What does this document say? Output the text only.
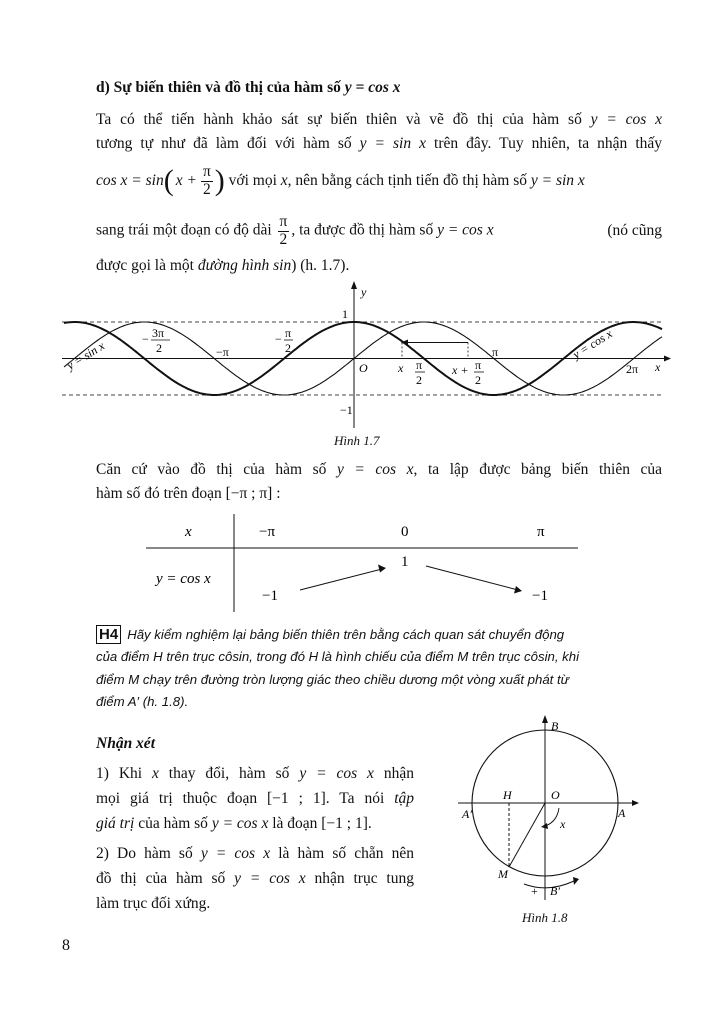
d) Sự biến thiên và đồ thị của hàm số y = cos x
Ta có thể tiến hành khảo sát sự biến thiên và vẽ đồ thị của hàm số y = cos x
tương tự như đã làm đối với hàm số y = sin x trên đây. Tuy nhiên, ta nhận thấy
cos x = sin ( $x + \frac{\pi}{2}$ ) với mọi x , nên bằng cách tịnh tiến đồ thị hàm số y = sin x
sang trái một đoạn có độ dài $\frac{\pi}{2}$ , ta được đồ thị hàm số y = cos x	(nó cũng
được gọi là một đường hình sin) (h. 1.7).
y
x
1
−1
O
−π	π
2π
− 3π
2
− π
2
x π
2
x + π
2
y = sin x	y = cos x
Hình 1.7
Căn cứ vào đồ thị của hàm số y = cos x, ta lập được bảng biến thiên của
hàm số đó trên đoạn [−π ; π] :
x	−π	0	π
y = cos x
−1
1
−1
H4 Hãy kiểm nghiệm lại bảng biến thiên trên bằng cách quan sát chuyển động
của điểm H trên trục côsin, trong đó H là hình chiếu của điểm M trên trục côsin, khi
điểm M chạy trên đường tròn lượng giác theo chiều dương một vòng xuất phát từ
điểm A′ (h. 1.8).
Nhận xét
1) Khi x thay đổi, hàm số y = cos x nhận
mọi giá trị thuộc đoạn [−1 ; 1]. Ta nói tập
giá trị của hàm số y = cos x là đoạn [−1 ; 1].
2) Do hàm số y = cos x là hàm số chẵn nên
đồ thị của hàm số y = cos x nhận trục tung
làm trục đối xứng.
B
H	O
A′	A
x
M
+ B′
Hình 1.8
8
